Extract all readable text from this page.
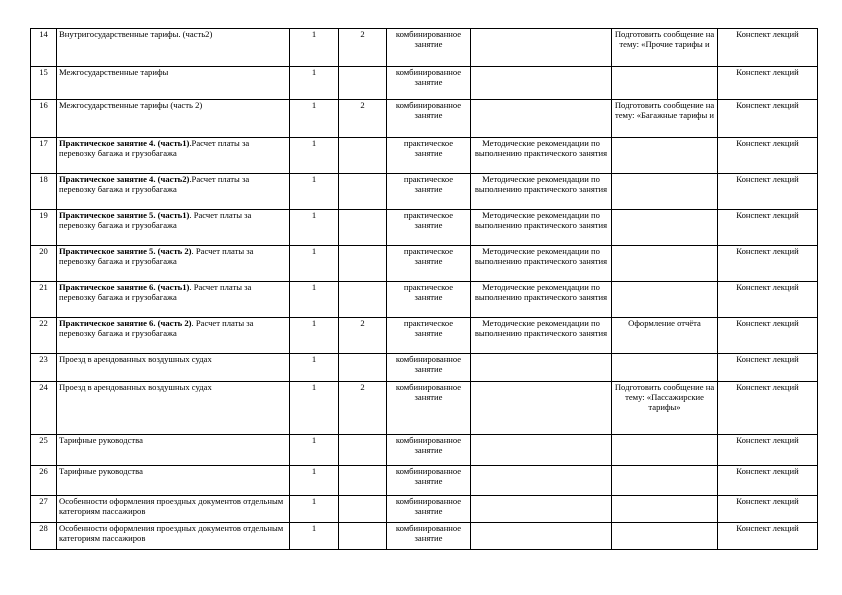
14	Внутригосударственные тарифы. (часть2)	1	2	комбинированное занятие		Подготовить сообщение на тему: «Прочие тарифы и	Конспект лекций
15	Межгосударственные тарифы	1		комбинированное занятие			Конспект лекций
16	Межгосударственные тарифы (часть 2)	1	2	комбинированное занятие		Подготовить сообщение на тему: «Багажные тарифы и	Конспект лекций
17	Практическое занятие 4. (часть1).Расчет платы за перевозку багажа и грузобагажа	1		практическое занятие	Методические рекомендации по выполнению практического занятия		Конспект лекций
18	Практическое занятие 4. (часть2).Расчет платы за перевозку багажа и грузобагажа	1		практическое занятие	Методические рекомендации по выполнению практического занятия		Конспект лекций
19	Практическое занятие 5. (часть1). Расчет платы за перевозку багажа и грузобагажа	1		практическое занятие	Методические рекомендации по выполнению практического занятия		Конспект лекций
20	Практическое занятие 5. (часть 2). Расчет платы за перевозку багажа и грузобагажа	1		практическое занятие	Методические рекомендации по выполнению практического занятия		Конспект лекций
21	Практическое занятие 6. (часть1). Расчет платы за перевозку багажа и грузобагажа	1		практическое занятие	Методические рекомендации по выполнению практического занятия		Конспект лекций
22	Практическое занятие 6. (часть 2). Расчет платы за перевозку багажа и грузобагажа	1	2	практическое занятие	Методические рекомендации по выполнению практического занятия	Оформление отчёта	Конспект лекций
23	Проезд в арендованных воздушных судах	1		комбинированное занятие			Конспект лекций
24	Проезд в арендованных воздушных судах	1	2	комбинированное занятие		Подготовить сообщение на тему: «Пассажирские тарифы»	Конспект лекций
25	Тарифные руководства	1		комбинированное занятие			Конспект лекций
26	Тарифные руководства	1		комбинированное занятие			Конспект лекций
27	Особенности оформления проездных документов отдельным категориям пассажиров	1		комбинированное занятие			Конспект лекций
28	Особенности оформления проездных документов отдельным категориям пассажиров	1		комбинированное занятие			Конспект лекций
